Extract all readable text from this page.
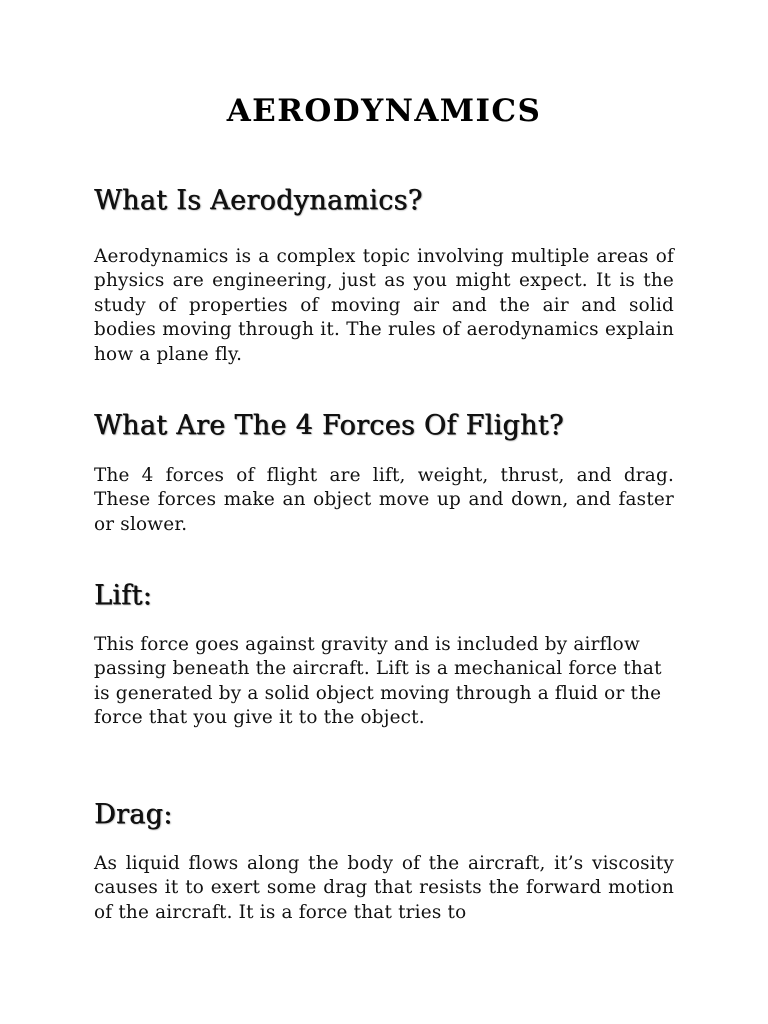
AERODYNAMICS
What Is Aerodynamics?

Aerodynamics is a complex topic involving multiple areas of physics are engineering, just as you might expect. It is the study of properties of moving air and the air and solid bodies moving through it. The rules of aerodynamics explain how a plane fly.

What Are The 4 Forces Of Flight?

The 4 forces of flight are lift, weight, thrust, and drag. These forces make an object move up and down, and faster or slower.

Lift:

This force goes against gravity and is included by airflow passing beneath the aircraft. Lift is a mechanical force that is generated by a solid object moving through a fluid or the force that you give it to the object.

Drag:

As liquid flows along the body of the aircraft, it’s viscosity causes it to exert some drag that resists the forward motion of the aircraft. It is a force that tries to
